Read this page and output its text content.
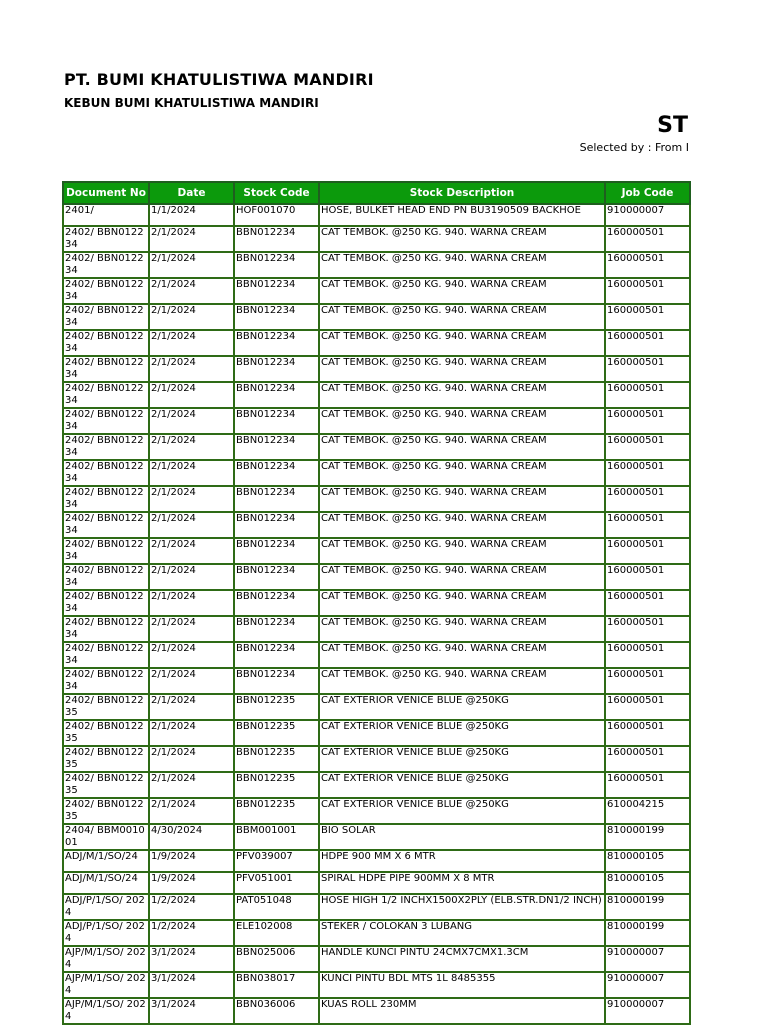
PT. BUMI KHATULISTIWA MANDIRI
KEBUN BUMI KHATULISTIWA MANDIRI
ST
Selected by : From I
Document No	Date	Stock Code	Stock Description	Job Code
2401/	1/1/2024	HOF001070	HOSE, BULKET HEAD END PN BU3190509 BACKHOE	910000007
2402/ BBN012234	2/1/2024	BBN012234	CAT TEMBOK. @250 KG. 940. WARNA CREAM	160000501
2402/ BBN012234	2/1/2024	BBN012234	CAT TEMBOK. @250 KG. 940. WARNA CREAM	160000501
2402/ BBN012234	2/1/2024	BBN012234	CAT TEMBOK. @250 KG. 940. WARNA CREAM	160000501
2402/ BBN012234	2/1/2024	BBN012234	CAT TEMBOK. @250 KG. 940. WARNA CREAM	160000501
2402/ BBN012234	2/1/2024	BBN012234	CAT TEMBOK. @250 KG. 940. WARNA CREAM	160000501
2402/ BBN012234	2/1/2024	BBN012234	CAT TEMBOK. @250 KG. 940. WARNA CREAM	160000501
2402/ BBN012234	2/1/2024	BBN012234	CAT TEMBOK. @250 KG. 940. WARNA CREAM	160000501
2402/ BBN012234	2/1/2024	BBN012234	CAT TEMBOK. @250 KG. 940. WARNA CREAM	160000501
2402/ BBN012234	2/1/2024	BBN012234	CAT TEMBOK. @250 KG. 940. WARNA CREAM	160000501
2402/ BBN012234	2/1/2024	BBN012234	CAT TEMBOK. @250 KG. 940. WARNA CREAM	160000501
2402/ BBN012234	2/1/2024	BBN012234	CAT TEMBOK. @250 KG. 940. WARNA CREAM	160000501
2402/ BBN012234	2/1/2024	BBN012234	CAT TEMBOK. @250 KG. 940. WARNA CREAM	160000501
2402/ BBN012234	2/1/2024	BBN012234	CAT TEMBOK. @250 KG. 940. WARNA CREAM	160000501
2402/ BBN012234	2/1/2024	BBN012234	CAT TEMBOK. @250 KG. 940. WARNA CREAM	160000501
2402/ BBN012234	2/1/2024	BBN012234	CAT TEMBOK. @250 KG. 940. WARNA CREAM	160000501
2402/ BBN012234	2/1/2024	BBN012234	CAT TEMBOK. @250 KG. 940. WARNA CREAM	160000501
2402/ BBN012234	2/1/2024	BBN012234	CAT TEMBOK. @250 KG. 940. WARNA CREAM	160000501
2402/ BBN012234	2/1/2024	BBN012234	CAT TEMBOK. @250 KG. 940. WARNA CREAM	160000501
2402/ BBN012235	2/1/2024	BBN012235	CAT EXTERIOR VENICE BLUE @250KG	160000501
2402/ BBN012235	2/1/2024	BBN012235	CAT EXTERIOR VENICE BLUE @250KG	160000501
2402/ BBN012235	2/1/2024	BBN012235	CAT EXTERIOR VENICE BLUE @250KG	160000501
2402/ BBN012235	2/1/2024	BBN012235	CAT EXTERIOR VENICE BLUE @250KG	160000501
2402/ BBN012235	2/1/2024	BBN012235	CAT EXTERIOR VENICE BLUE @250KG	610004215
2404/ BBM001001	4/30/2024	BBM001001	BIO SOLAR	810000199
ADJ/M/1/SO/24	1/9/2024	PFV039007	HDPE 900 MM X 6 MTR	810000105
ADJ/M/1/SO/24	1/9/2024	PFV051001	SPIRAL HDPE PIPE 900MM X 8 MTR	810000105
ADJ/P/1/SO/ 2024	1/2/2024	PAT051048	HOSE HIGH 1/2 INCHX1500X2PLY (ELB.STR.DN1/2 INCH)	810000199
ADJ/P/1/SO/ 2024	1/2/2024	ELE102008	STEKER / COLOKAN 3 LUBANG	810000199
AJP/M/1/SO/ 2024	3/1/2024	BBN025006	HANDLE KUNCI PINTU 24CMX7CMX1.3CM	910000007
AJP/M/1/SO/ 2024	3/1/2024	BBN038017	KUNCI PINTU BDL MTS 1L 8485355	910000007
AJP/M/1/SO/ 2024	3/1/2024	BBN036006	KUAS ROLL 230MM	910000007
